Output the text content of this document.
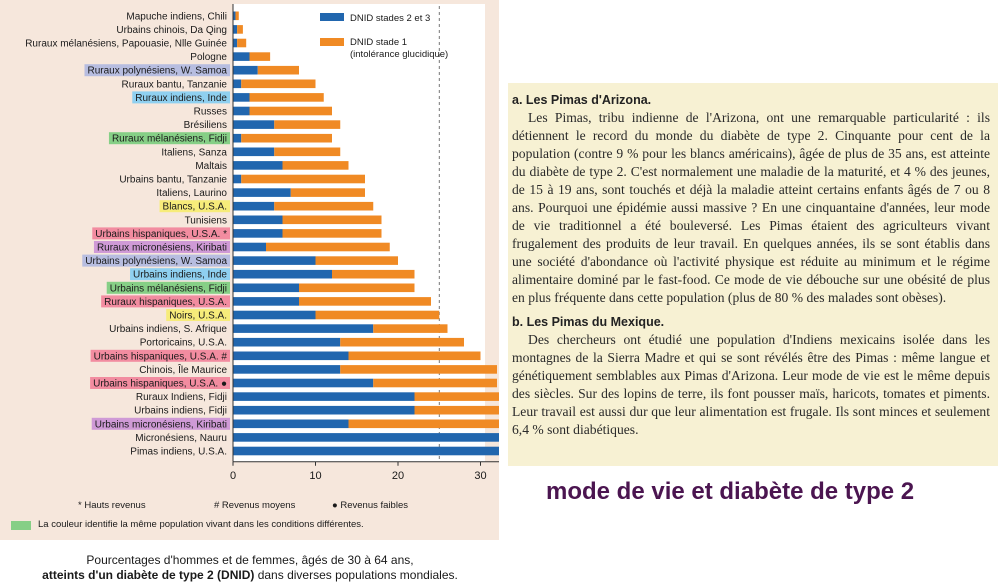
Mapuche indiens, Chili
Urbains chinois, Da Qing
Ruraux mélanésiens, Papouasie, Nlle Guinée
Pologne
Ruraux polynésiens, W. Samoa
Ruraux bantu, Tanzanie
Ruraux indiens, Inde
Russes
Brésiliens
Ruraux mélanésiens, Fidji
Italiens, Sanza
Maltais
Urbains bantu, Tanzanie
Italiens, Laurino
Blancs, U.S.A.
Tunisiens
Urbains hispaniques, U.S.A. *
Ruraux micronésiens, Kiribati
Urbains polynésiens, W. Samoa
Urbains indiens, Inde
Urbains mélanésiens, Fidji
Ruraux hispaniques, U.S.A.
Noirs, U.S.A.
Urbains indiens, S. Afrique
Portoricains, U.S.A.
Urbains hispaniques, U.S.A. #
Chinois, Île Maurice
Urbains hispaniques, U.S.A. ●
Ruraux Indiens, Fidji
Urbains indiens, Fidji
Urbains micronésiens, Kiribati
Micronésiens, Nauru
Pimas indiens, U.S.A.
0	10	20	30
DNID stades 2 et 3
DNID stade 1
(intolérance glucidique)
* Hauts revenus	# Revenus moyens	● Revenus faibles
La couleur identifie la même population vivant dans les conditions différentes.
Pourcentages d'hommes et de femmes, âgés de 30 à 64 ans,
atteints d'un diabète de type 2 (DNID) dans diverses populations mondiales.
a. Les Pimas d'Arizona.

Les Pimas, tribu indienne de l'Arizona, ont une remarquable particularité : ils détiennent le record du monde du diabète de type 2. Cinquante pour cent de la population (contre 9 % pour les blancs américains), âgée de plus de 35 ans, est atteinte du diabète de type 2. C'est normalement une maladie de la maturité, et 4 % des jeunes, de 15 à 19 ans, sont touchés et déjà la maladie atteint certains enfants âgés de 7 ou 8 ans. Pourquoi une épidémie aussi massive ? En une cinquantaine d'années, leur mode de vie traditionnel a été bouleversé. Les Pimas étaient des agriculteurs vivant frugalement des produits de leur travail. En quelques années, ils se sont établis dans une société d'abondance où l'activité physique est réduite au minimum et le régime alimentaire dominé par le fast-food. Ce mode de vie débouche sur une obésité de plus en plus fréquente dans cette population (plus de 80 % des malades sont obèses).

b. Les Pimas du Mexique.

Des chercheurs ont étudié une population d'Indiens mexicains isolée dans les montagnes de la Sierra Madre et qui se sont révélés être des Pimas : même langue et génétiquement semblables aux Pimas d'Arizona. Leur mode de vie est le même depuis des siècles. Sur des lopins de terre, ils font pousser maïs, haricots, tomates et piments. Leur travail est aussi dur que leur alimentation est frugale. Ils sont minces et seulement 6,4 % sont diabétiques.

mode de vie et diabète de type 2
